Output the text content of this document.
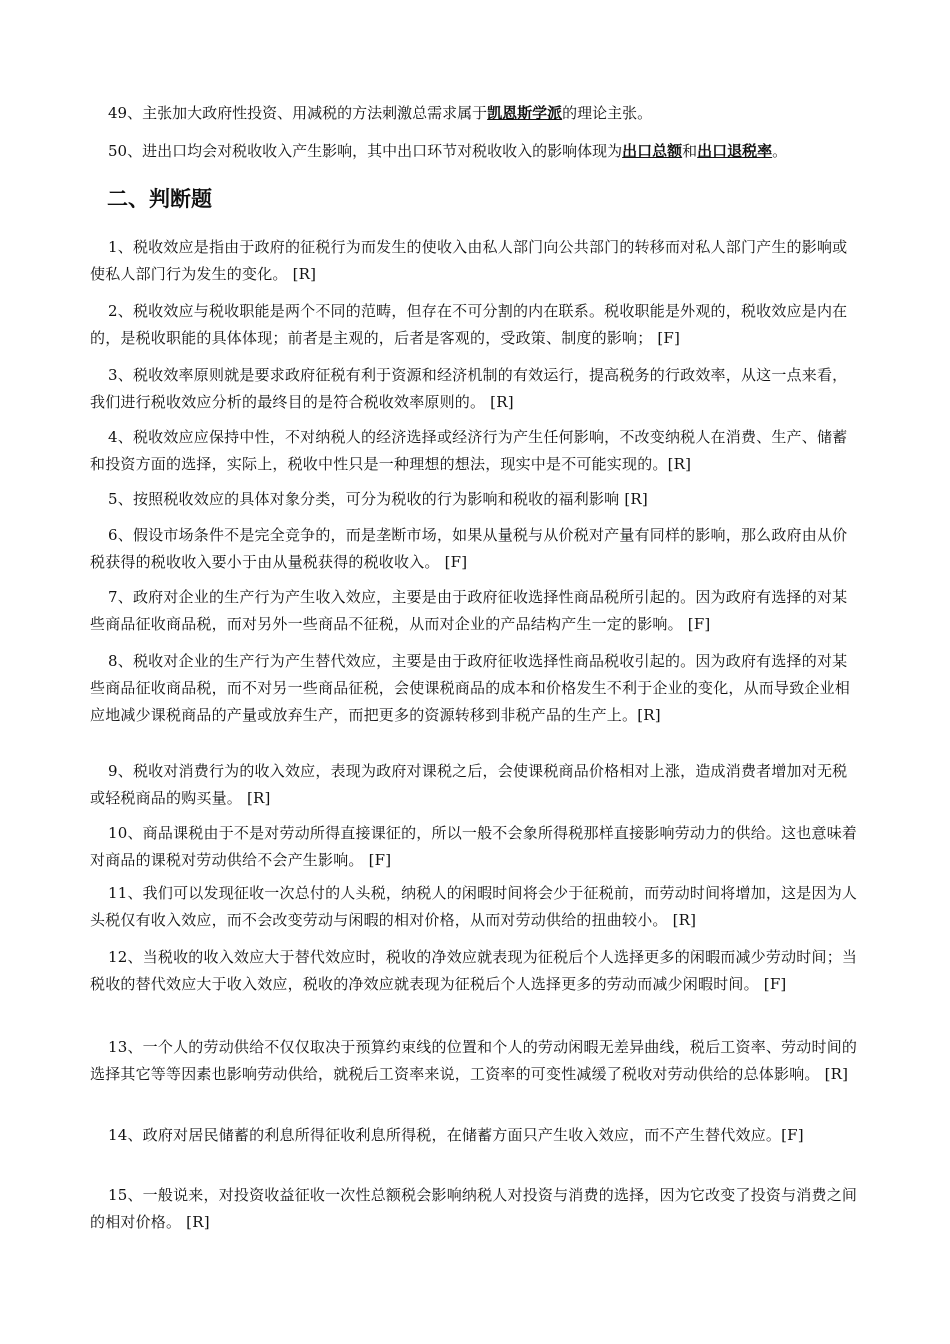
49、主张加大政府性投资、用减税的方法刺激总需求属于凯恩斯学派的理论主张。

50、进出口均会对税收收入产生影响，其中出口环节对税收收入的影响体现为出口总额和出口退税率。

二、判断题

1、税收效应是指由于政府的征税行为而发生的使收入由私人部门向公共部门的转移而对私人部门产生的影响或使私人部门行为发生的变化。 [R]

2、税收效应与税收职能是两个不同的范畴，但存在不可分割的内在联系。税收职能是外观的，税收效应是内在的，是税收职能的具体体现；前者是主观的，后者是客观的，受政策、制度的影响； [F]

3、税收效率原则就是要求政府征税有利于资源和经济机制的有效运行，提高税务的行政效率，从这一点来看，我们进行税收效应分析的最终目的是符合税收效率原则的。 [R]

4、税收效应应保持中性，不对纳税人的经济选择或经济行为产生任何影响，不改变纳税人在消费、生产、储蓄和投资方面的选择，实际上，税收中性只是一种理想的想法，现实中是不可能实现的。[R]

5、按照税收效应的具体对象分类，可分为税收的行为影响和税收的福利影响 [R]

6、假设市场条件不是完全竞争的，而是垄断市场，如果从量税与从价税对产量有同样的影响，那么政府由从价税获得的税收收入要小于由从量税获得的税收收入。 [F]

7、政府对企业的生产行为产生收入效应，主要是由于政府征收选择性商品税所引起的。因为政府有选择的对某些商品征收商品税，而对另外一些商品不征税，从而对企业的产品结构产生一定的影响。 [F]

8、税收对企业的生产行为产生替代效应，主要是由于政府征收选择性商品税收引起的。因为政府有选择的对某些商品征收商品税，而不对另一些商品征税，会使课税商品的成本和价格发生不利于企业的变化，从而导致企业相应地减少课税商品的产量或放弃生产，而把更多的资源转移到非税产品的生产上。[R]

9、税收对消费行为的收入效应，表现为政府对课税之后，会使课税商品价格相对上涨，造成消费者增加对无税或轻税商品的购买量。 [R]

10、商品课税由于不是对劳动所得直接课征的，所以一般不会象所得税那样直接影响劳动力的供给。这也意味着对商品的课税对劳动供给不会产生影响。 [F]

11、我们可以发现征收一次总付的人头税，纳税人的闲暇时间将会少于征税前，而劳动时间将增加，这是因为人头税仅有收入效应，而不会改变劳动与闲暇的相对价格，从而对劳动供给的扭曲较小。 [R]

12、当税收的收入效应大于替代效应时，税收的净效应就表现为征税后个人选择更多的闲暇而减少劳动时间；当税收的替代效应大于收入效应，税收的净效应就表现为征税后个人选择更多的劳动而减少闲暇时间。 [F]

13、一个人的劳动供给不仅仅取决于预算约束线的位置和个人的劳动闲暇无差异曲线，税后工资率、劳动时间的选择其它等等因素也影响劳动供给，就税后工资率来说，工资率的可变性减缓了税收对劳动供给的总体影响。 [R]

14、政府对居民储蓄的利息所得征收利息所得税，在储蓄方面只产生收入效应，而不产生替代效应。[F]

15、一般说来，对投资收益征收一次性总额税会影响纳税人对投资与消费的选择，因为它改变了投资与消费之间的相对价格。 [R]
